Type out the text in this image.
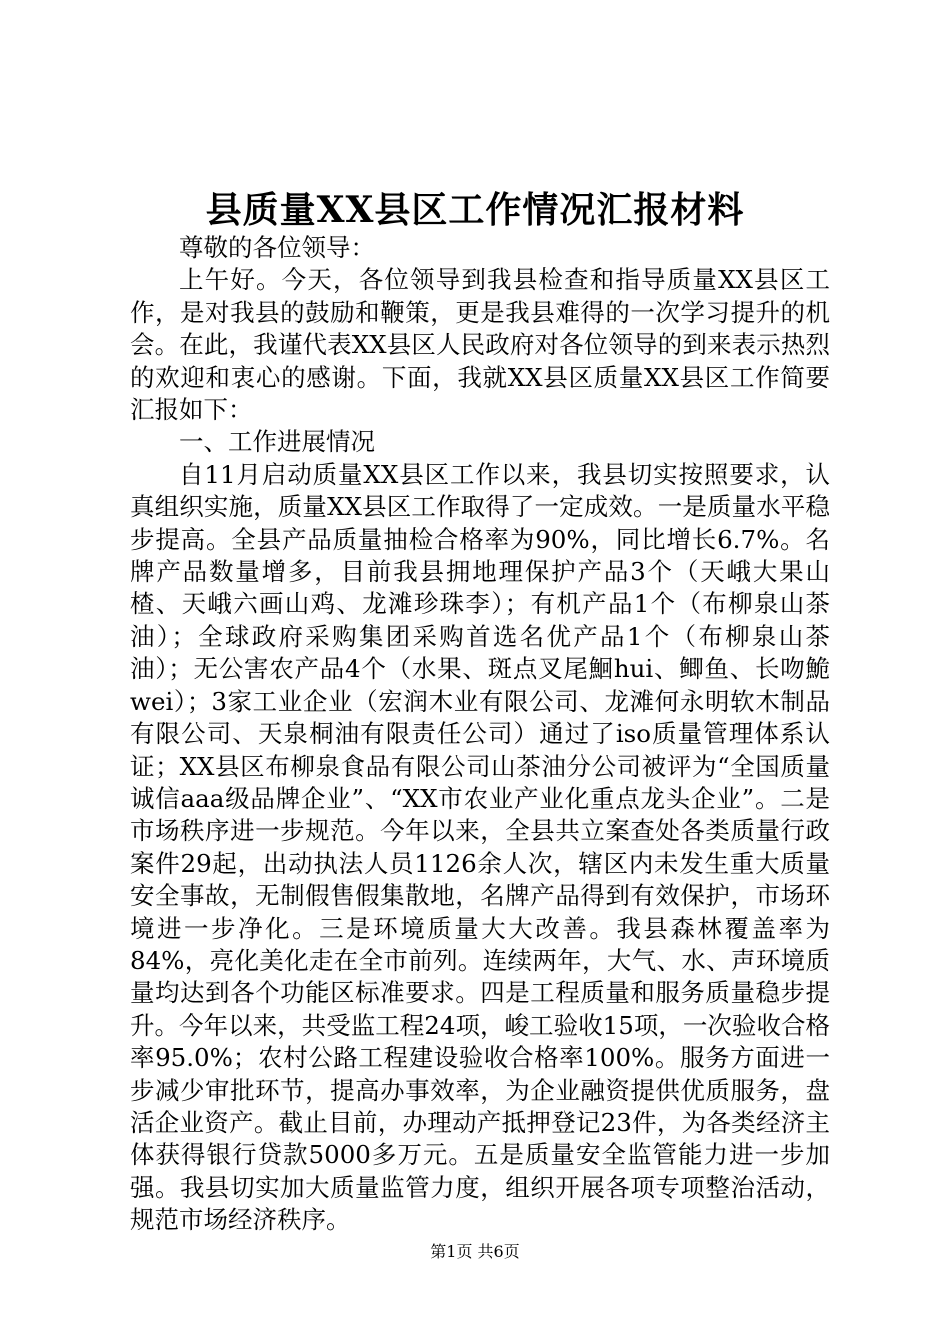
县质量XX县区工作情况汇报材料

尊敬的各位领导：

上午好。今天，各位领导到我县检查和指导质量XX县区工作，是对我县的鼓励和鞭策，更是我县难得的一次学习提升的机会。在此，我谨代表XX县区人民政府对各位领导的到来表示热烈的欢迎和衷心的感谢。下面，我就XX县区质量XX县区工作简要汇报如下：

一、工作进展情况

自11月启动质量XX县区工作以来，我县切实按照要求，认真组织实施，质量XX县区工作取得了一定成效。一是质量水平稳步提高。全县产品质量抽检合格率为90%，同比增长6.7%。名牌产品数量增多，目前我县拥地理保护产品3个（天峨大果山楂、天峨六画山鸡、龙滩珍珠李）；有机产品1个（布柳泉山茶油）；全球政府采购集团采购首选名优产品1个（布柳泉山茶油）；无公害农产品4个（水果、斑点叉尾鮰hui、鲫鱼、长吻鮠wei）；3家工业企业（宏润木业有限公司、龙滩何永明软木制品有限公司、天泉桐油有限责任公司）通过了iso质量管理体系认证；XX县区布柳泉食品有限公司山茶油分公司被评为“全国质量诚信aaa级品牌企业”、“XX市农业产业化重点龙头企业”。二是市场秩序进一步规范。今年以来，全县共立案查处各类质量行政案件29起，出动执法人员1126余人次，辖区内未发生重大质量安全事故，无制假售假集散地，名牌产品得到有效保护，市场环境进一步净化。三是环境质量大大改善。我县森林覆盖率为84%，亮化美化走在全市前列。连续两年，大气、水、声环境质量均达到各个功能区标准要求。四是工程质量和服务质量稳步提升。今年以来，共受监工程24项，峻工验收15项，一次验收合格率95.0%；农村公路工程建设验收合格率100%。服务方面进一步减少审批环节，提高办事效率，为企业融资提供优质服务，盘活企业资产。截止目前，办理动产抵押登记23件，为各类经济主体获得银行贷款5000多万元。五是质量安全监管能力进一步加强。我县切实加大质量监管力度，组织开展各项专项整治活动，规范市场经济秩序。

第1页 共6页
